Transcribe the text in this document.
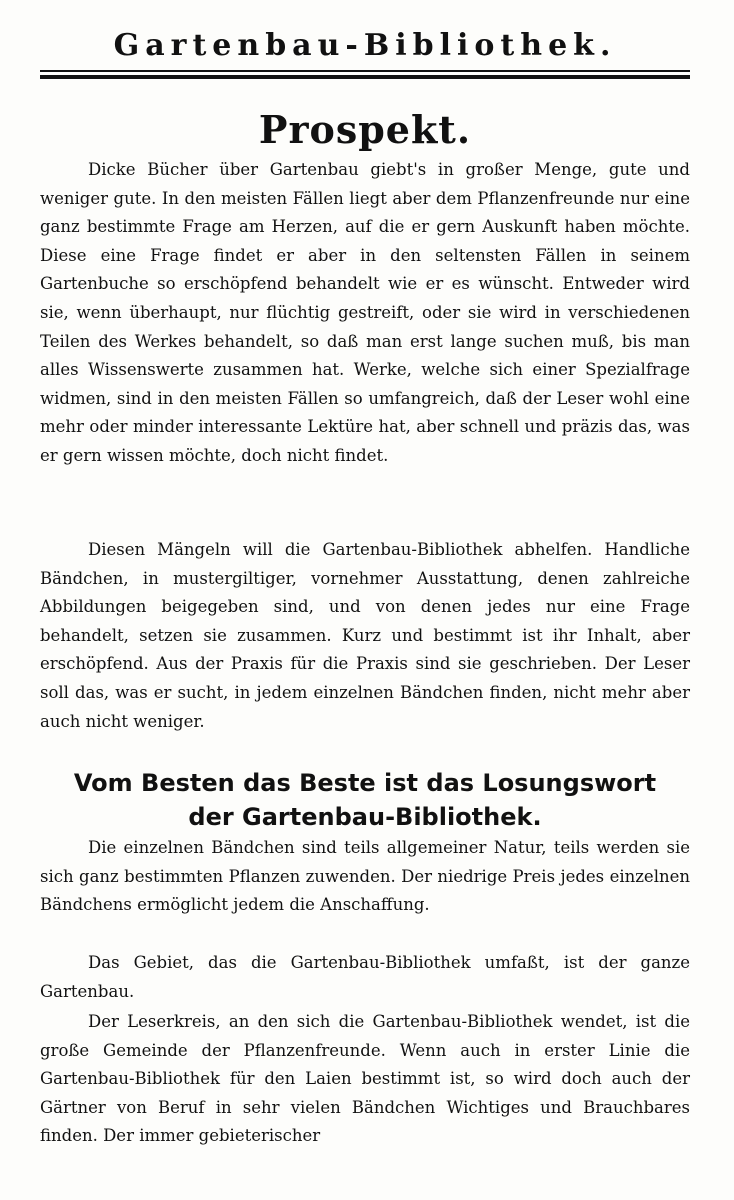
Gartenbau-Bibliothek.
Prospekt.

Dicke Bücher über Gartenbau giebt's in großer Menge, gute und weniger gute. In den meisten Fällen liegt aber dem Pflanzenfreunde nur eine ganz bestimmte Frage am Herzen, auf die er gern Auskunft haben möchte. Diese eine Frage findet er aber in den seltensten Fällen in seinem Gartenbuche so erschöpfend behandelt wie er es wünscht. Entweder wird sie, wenn überhaupt, nur flüchtig gestreift, oder sie wird in verschiedenen Teilen des Werkes behandelt, so daß man erst lange suchen muß, bis man alles Wissenswerte zusammen hat. Werke, welche sich einer Spezialfrage widmen, sind in den meisten Fällen so umfangreich, daß der Leser wohl eine mehr oder minder interessante Lektüre hat, aber schnell und präzis das, was er gern wissen möchte, doch nicht findet.

Diesen Mängeln will die Gartenbau-Bibliothek abhelfen. Handliche Bändchen, in mustergiltiger, vornehmer Ausstattung, denen zahlreiche Abbildungen beigegeben sind, und von denen jedes nur eine Frage behandelt, setzen sie zusammen. Kurz und bestimmt ist ihr Inhalt, aber erschöpfend. Aus der Praxis für die Praxis sind sie geschrieben. Der Leser soll das, was er sucht, in jedem einzelnen Bändchen finden, nicht mehr aber auch nicht weniger.

Vom Besten das Beste ist das Losungswort
der Gartenbau-Bibliothek.

Die einzelnen Bändchen sind teils allgemeiner Natur, teils werden sie sich ganz bestimmten Pflanzen zuwenden. Der niedrige Preis jedes einzelnen Bändchens ermöglicht jedem die Anschaffung.

Das Gebiet, das die Gartenbau-Bibliothek umfaßt, ist der ganze Gartenbau.

Der Leserkreis, an den sich die Gartenbau-Bibliothek wendet, ist die große Gemeinde der Pflanzenfreunde. Wenn auch in erster Linie die Gartenbau-Bibliothek für den Laien bestimmt ist, so wird doch auch der Gärtner von Beruf in sehr vielen Bändchen Wichtiges und Brauchbares finden. Der immer gebieterischer
